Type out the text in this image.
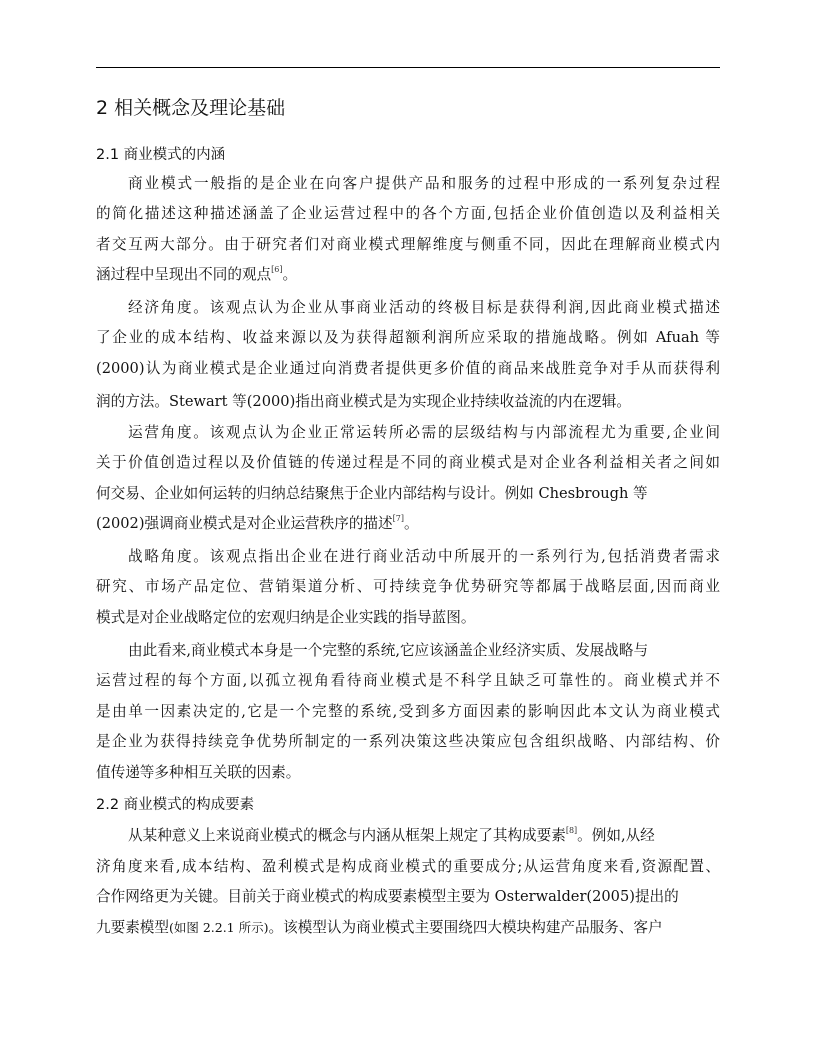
2 相关概念及理论基础
2.1 商业模式的内涵
商业模式一般指的是企业在向客户提供产品和服务的过程中形成的一系列复杂过程
的简化描述这种描述涵盖了企业运营过程中的各个方面,包括企业价值创造以及利益相关
者交互两大部分。由于研究者们对商业模式理解维度与侧重不同，因此在理解商业模式内
涵过程中呈现出不同的观点[6]。
经济角度。该观点认为企业从事商业活动的终极目标是获得利润,因此商业模式描述
了企业的成本结构、收益来源以及为获得超额利润所应采取的措施战略。例如 Afuah 等
(2000)认为商业模式是企业通过向消费者提供更多价值的商品来战胜竞争对手从而获得利
润的方法。Stewart 等(2000)指出商业模式是为实现企业持续收益流的内在逻辑。
运营角度。该观点认为企业正常运转所必需的层级结构与内部流程尤为重要,企业间
关于价值创造过程以及价值链的传递过程是不同的商业模式是对企业各利益相关者之间如
何交易、企业如何运转的归纳总结聚焦于企业内部结构与设计。例如 Chesbrough 等
(2002)强调商业模式是对企业运营秩序的描述[7]。
战略角度。该观点指出企业在进行商业活动中所展开的一系列行为,包括消费者需求
研究、市场产品定位、营销渠道分析、可持续竞争优势研究等都属于战略层面,因而商业
模式是对企业战略定位的宏观归纳是企业实践的指导蓝图。
由此看来,商业模式本身是一个完整的系统,它应该涵盖企业经济实质、发展战略与
运营过程的每个方面,以孤立视角看待商业模式是不科学且缺乏可靠性的。商业模式并不
是由单一因素决定的,它是一个完整的系统,受到多方面因素的影响因此本文认为商业模式
是企业为获得持续竞争优势所制定的一系列决策这些决策应包含组织战略、内部结构、价
值传递等多种相互关联的因素。
2.2 商业模式的构成要素
从某种意义上来说商业模式的概念与内涵从框架上规定了其构成要素[8]。例如,从经
济角度来看,成本结构、盈利模式是构成商业模式的重要成分;从运营角度来看,资源配置、
合作网络更为关键。目前关于商业模式的构成要素模型主要为 Osterwalder(2005)提出的
九要素模型(如图 2.2.1 所示)。该模型认为商业模式主要围绕四大模块构建产品服务、客户
